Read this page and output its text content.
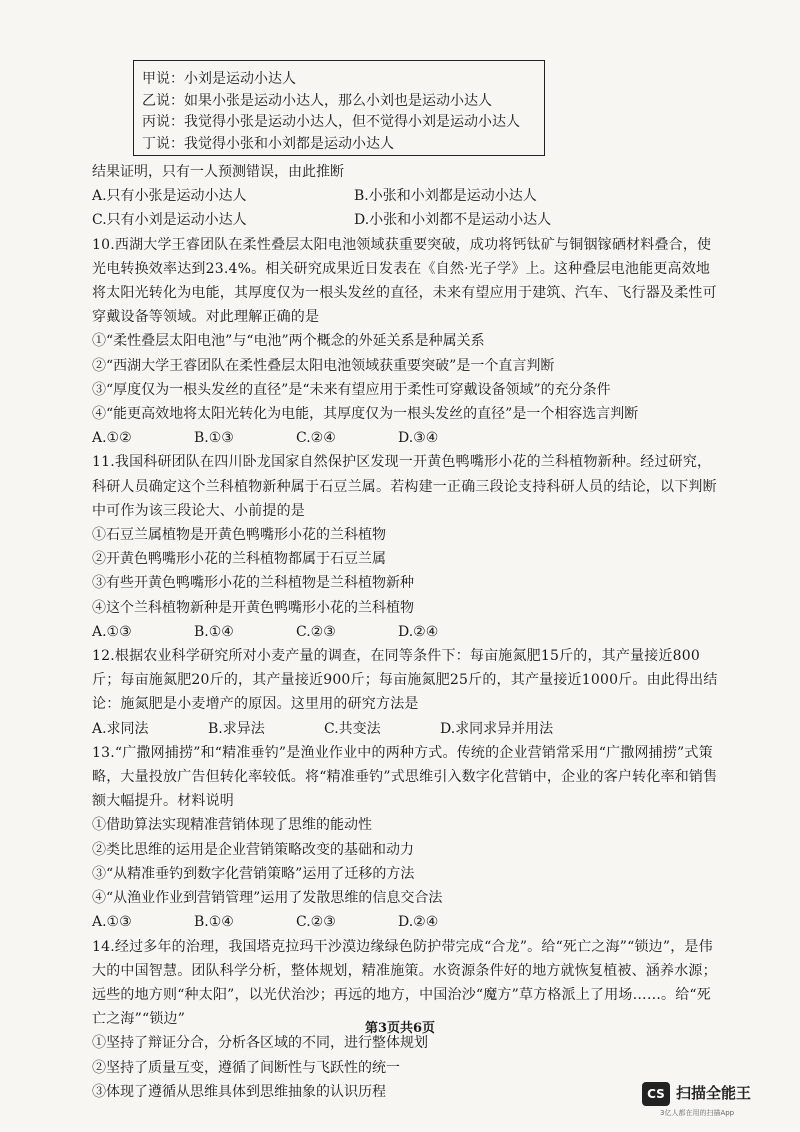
甲说：小刘是运动小达人
乙说：如果小张是运动小达人，那么小刘也是运动小达人
丙说：我觉得小张是运动小达人，但不觉得小刘是运动小达人
丁说：我觉得小张和小刘都是运动小达人

结果证明，只有一人预测错误，由此推断

A.只有小张是运动小达人	B.小张和小刘都是运动小达人
C.只有小刘是运动小达人	D.小张和小刘都不是运动小达人

10.西湖大学王睿团队在柔性叠层太阳电池领域获重要突破，成功将钙钛矿与铜铟镓硒材料叠合，使光电转换效率达到23.4%。相关研究成果近日发表在《自然·光子学》上。这种叠层电池能更高效地将太阳光转化为电能，其厚度仅为一根头发丝的直径，未来有望应用于建筑、汽车、飞行器及柔性可穿戴设备等领域。对此理解正确的是

①“柔性叠层太阳电池”与“电池”两个概念的外延关系是种属关系

②“西湖大学王睿团队在柔性叠层太阳电池领域获重要突破”是一个直言判断

③“厚度仅为一根头发丝的直径”是“未来有望应用于柔性可穿戴设备领域”的充分条件

④“能更高效地将太阳光转化为电能，其厚度仅为一根头发丝的直径”是一个相容选言判断

A.①②	B.①③	C.②④	D.③④

11.我国科研团队在四川卧龙国家自然保护区发现一开黄色鸭嘴形小花的兰科植物新种。经过研究，科研人员确定这个兰科植物新种属于石豆兰属。若构建一正确三段论支持科研人员的结论，以下判断中可作为该三段论大、小前提的是

①石豆兰属植物是开黄色鸭嘴形小花的兰科植物

②开黄色鸭嘴形小花的兰科植物都属于石豆兰属

③有些开黄色鸭嘴形小花的兰科植物是兰科植物新种

④这个兰科植物新种是开黄色鸭嘴形小花的兰科植物

A.①③	B.①④	C.②③	D.②④

12.根据农业科学研究所对小麦产量的调查，在同等条件下：每亩施氮肥15斤的，其产量接近800斤；每亩施氮肥20斤的，其产量接近900斤；每亩施氮肥25斤的，其产量接近1000斤。由此得出结论：施氮肥是小麦增产的原因。这里用的研究方法是

A.求同法	B.求异法	C.共变法	D.求同求异并用法

13.“广撒网捕捞”和“精准垂钓”是渔业作业中的两种方式。传统的企业营销常采用“广撒网捕捞”式策略，大量投放广告但转化率较低。将“精准垂钓”式思维引入数字化营销中，企业的客户转化率和销售额大幅提升。材料说明

①借助算法实现精准营销体现了思维的能动性

②类比思维的运用是企业营销策略改变的基础和动力

③“从精准垂钓到数字化营销策略”运用了迁移的方法

④“从渔业作业到营销管理”运用了发散思维的信息交合法

A.①③	B.①④	C.②③	D.②④

14.经过多年的治理，我国塔克拉玛干沙漠边缘绿色防护带完成“合龙”。给“死亡之海”“锁边”，是伟大的中国智慧。团队科学分析，整体规划，精准施策。水资源条件好的地方就恢复植被、涵养水源；远些的地方则“种太阳”，以光伏治沙；再远的地方，中国治沙“魔方”草方格派上了用场……。给“死亡之海”“锁边”

①坚持了辩证分合，分析各区域的不同，进行整体规划

②坚持了质量互变，遵循了间断性与飞跃性的统一

③体现了遵循从思维具体到思维抽象的认识历程

第3页共6页
CS 扫描全能王
3亿人都在用的扫描App
